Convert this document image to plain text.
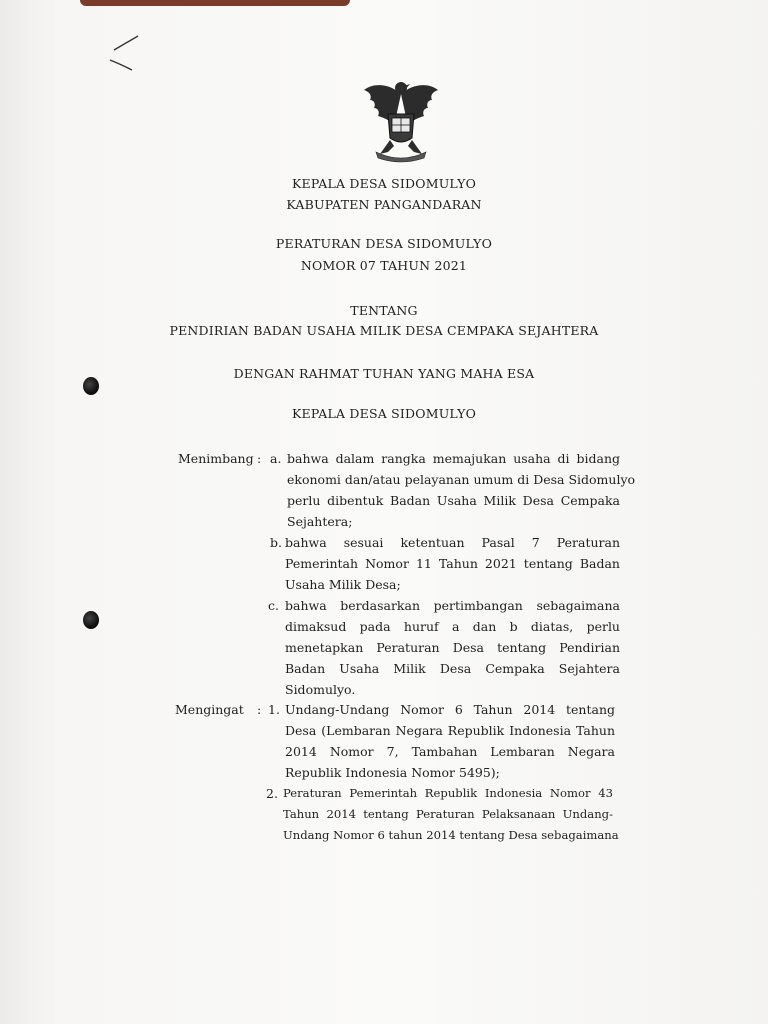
KEPALA DESA SIDOMULYO
KABUPATEN PANGANDARAN
PERATURAN DESA SIDOMULYO
NOMOR 07 TAHUN 2021
TENTANG
PENDIRIAN BADAN USAHA MILIK DESA CEMPAKA SEJAHTERA
DENGAN RAHMAT TUHAN YANG MAHA ESA
KEPALA DESA SIDOMULYO
Menimbang : a. bahwa dalam rangka memajukan usaha di bidang
ekonomi dan/atau pelayanan umum di Desa Sidomulyo
perlu dibentuk Badan Usaha Milik Desa Cempaka
Sejahtera;
b. bahwa sesuai ketentuan Pasal 7 Peraturan
Pemerintah Nomor 11 Tahun 2021 tentang Badan
Usaha Milik Desa;
c. bahwa berdasarkan pertimbangan sebagaimana
dimaksud pada huruf a dan b diatas, perlu
menetapkan Peraturan Desa tentang Pendirian
Badan Usaha Milik Desa Cempaka Sejahtera
Sidomulyo.
Mengingat : 1. Undang-Undang Nomor 6 Tahun 2014 tentang
Desa (Lembaran Negara Republik Indonesia Tahun
2014 Nomor 7, Tambahan Lembaran Negara
Republik Indonesia Nomor 5495);
2. Peraturan Pemerintah Republik Indonesia Nomor 43
Tahun 2014 tentang Peraturan Pelaksanaan Undang-
Undang Nomor 6 tahun 2014 tentang Desa sebagaimana
